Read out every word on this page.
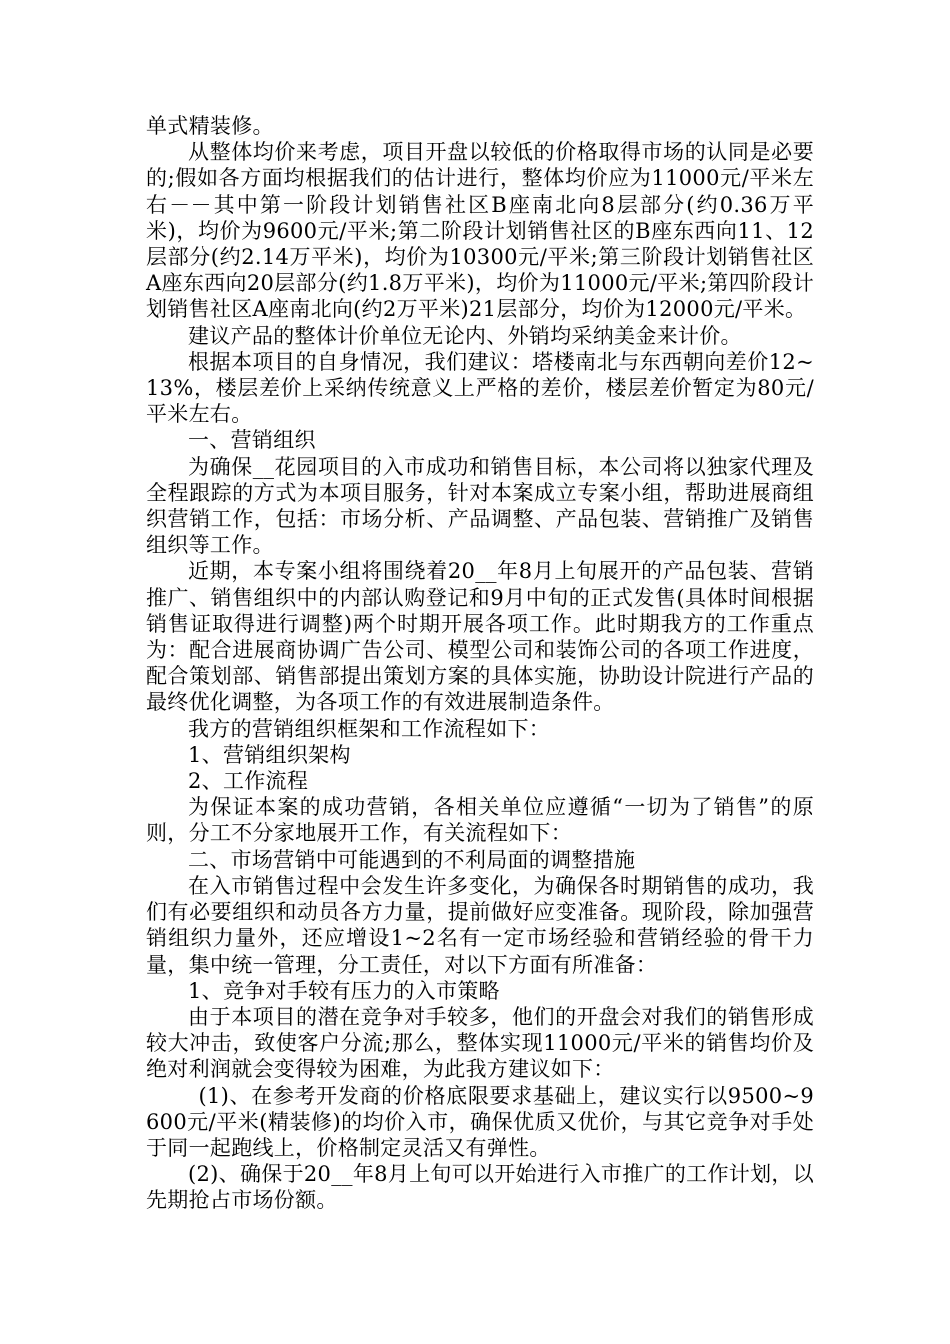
单式精装修。

从整体均价来考虑，项目开盘以较低的价格取得市场的认同是必要的;假如各方面均根据我们的估计进行，整体均价应为11000元/平米左右－－其中第一阶段计划销售社区B座南北向8层部分(约0.36万平米)，均价为9600元/平米;第二阶段计划销售社区的B座东西向11、12层部分(约2.14万平米)，均价为10300元/平米;第三阶段计划销售社区A座东西向20层部分(约1.8万平米)，均价为11000元/平米;第四阶段计划销售社区A座南北向(约2万平米)21层部分，均价为12000元/平米。

建议产品的整体计价单位无论内、外销均采纳美金来计价。

根据本项目的自身情况，我们建议：塔楼南北与东西朝向差价12~13%，楼层差价上采纳传统意义上严格的差价，楼层差价暂定为80元/平米左右。

一、营销组织

为确保__花园项目的入市成功和销售目标，本公司将以独家代理及全程跟踪的方式为本项目服务，针对本案成立专案小组，帮助进展商组织营销工作，包括：市场分析、产品调整、产品包装、营销推广及销售组织等工作。

近期，本专案小组将围绕着20__年8月上旬展开的产品包装、营销推广、销售组织中的内部认购登记和9月中旬的正式发售(具体时间根据销售证取得进行调整)两个时期开展各项工作。此时期我方的工作重点为：配合进展商协调广告公司、模型公司和装饰公司的各项工作进度，配合策划部、销售部提出策划方案的具体实施，协助设计院进行产品的最终优化调整，为各项工作的有效进展制造条件。

我方的营销组织框架和工作流程如下：

1、营销组织架构

2、工作流程

为保证本案的成功营销，各相关单位应遵循“一切为了销售”的原则，分工不分家地展开工作，有关流程如下：

二、市场营销中可能遇到的不利局面的调整措施

在入市销售过程中会发生许多变化，为确保各时期销售的成功，我们有必要组织和动员各方力量，提前做好应变准备。现阶段，除加强营销组织力量外，还应增设1~2名有一定市场经验和营销经验的骨干力量，集中统一管理，分工责任，对以下方面有所准备：

1、竞争对手较有压力的入市策略

由于本项目的潜在竞争对手较多，他们的开盘会对我们的销售形成较大冲击，致使客户分流;那么，整体实现11000元/平米的销售均价及绝对利润就会变得较为困难，为此我方建议如下：

(1)、在参考开发商的价格底限要求基础上，建议实行以9500~9600元/平米(精装修)的均价入市，确保优质又优价，与其它竞争对手处于同一起跑线上，价格制定灵活又有弹性。

(2)、确保于20__年8月上旬可以开始进行入市推广的工作计划，以先期抢占市场份额。
